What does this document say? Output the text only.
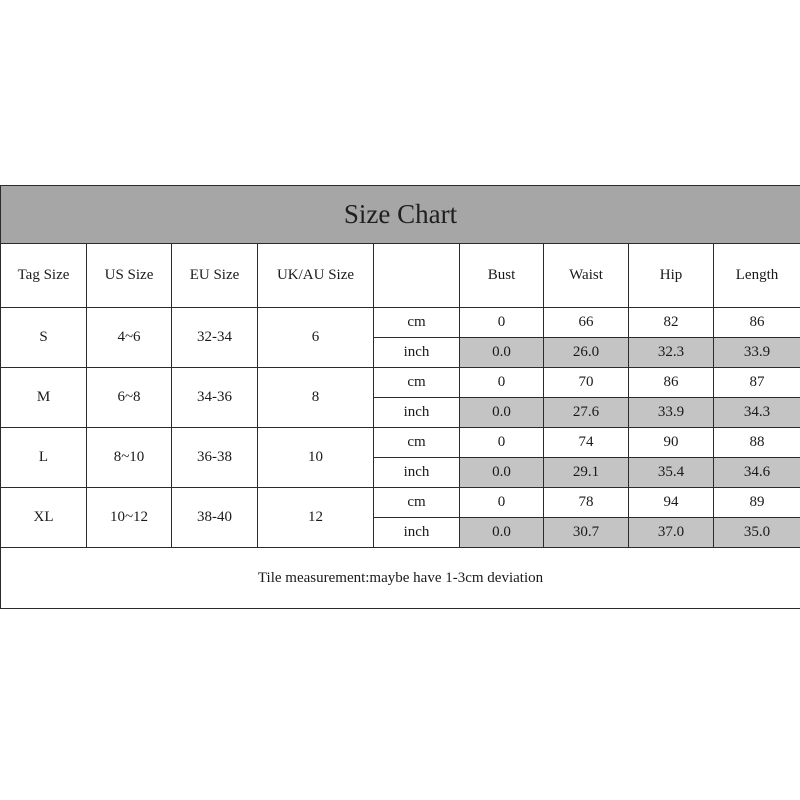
Size Chart								
Tag Size	US Size	EU Size	UK/AU Size		Bust	Waist	Hip	Length
S	4~6	32-34	6	cm	0	66	82	86
				inch	0.0	26.0	32.3	33.9
M	6~8	34-36	8	cm	0	70	86	87
				inch	0.0	27.6	33.9	34.3
L	8~10	36-38	10	cm	0	74	90	88
				inch	0.0	29.1	35.4	34.6
XL	10~12	38-40	12	cm	0	78	94	89
				inch	0.0	30.7	37.0	35.0
Tile measurement:maybe have 1-3cm deviation								
